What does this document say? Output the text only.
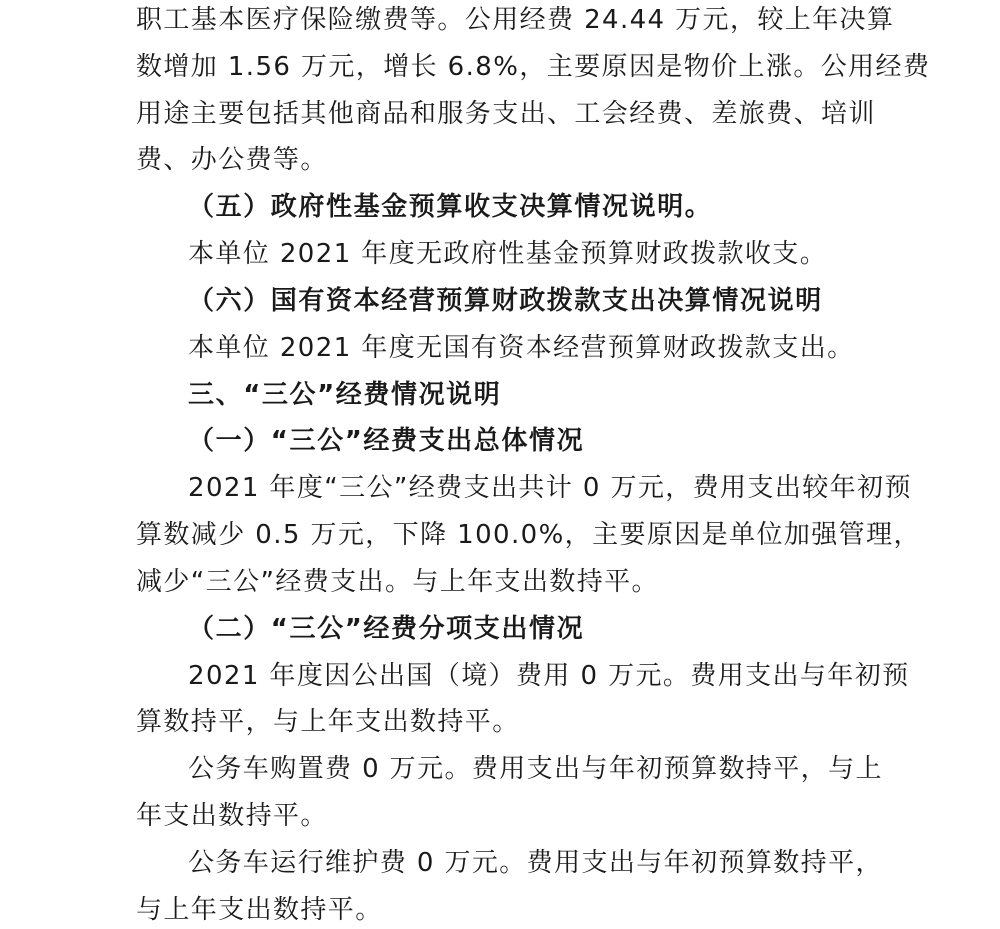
职工基本医疗保险缴费等。公用经费 24.44 万元，较上年决算
数增加 1.56 万元，增长 6.8%，主要原因是物价上涨。公用经费
用途主要包括其他商品和服务支出、工会经费、差旅费、培训
费、办公费等。
（五）政府性基金预算收支决算情况说明。
本单位 2021 年度无政府性基金预算财政拨款收支。
（六）国有资本经营预算财政拨款支出决算情况说明
本单位 2021 年度无国有资本经营预算财政拨款支出。
三、“三公”经费情况说明
（一）“三公”经费支出总体情况
2021 年度“三公”经费支出共计 0 万元，费用支出较年初预
算数减少 0.5 万元，下降 100.0%，主要原因是单位加强管理，
减少“三公”经费支出。与上年支出数持平。
（二）“三公”经费分项支出情况
2021 年度因公出国（境）费用 0 万元。费用支出与年初预
算数持平，与上年支出数持平。
公务车购置费 0 万元。费用支出与年初预算数持平，与上
年支出数持平。
公务车运行维护费 0 万元。费用支出与年初预算数持平，
与上年支出数持平。
